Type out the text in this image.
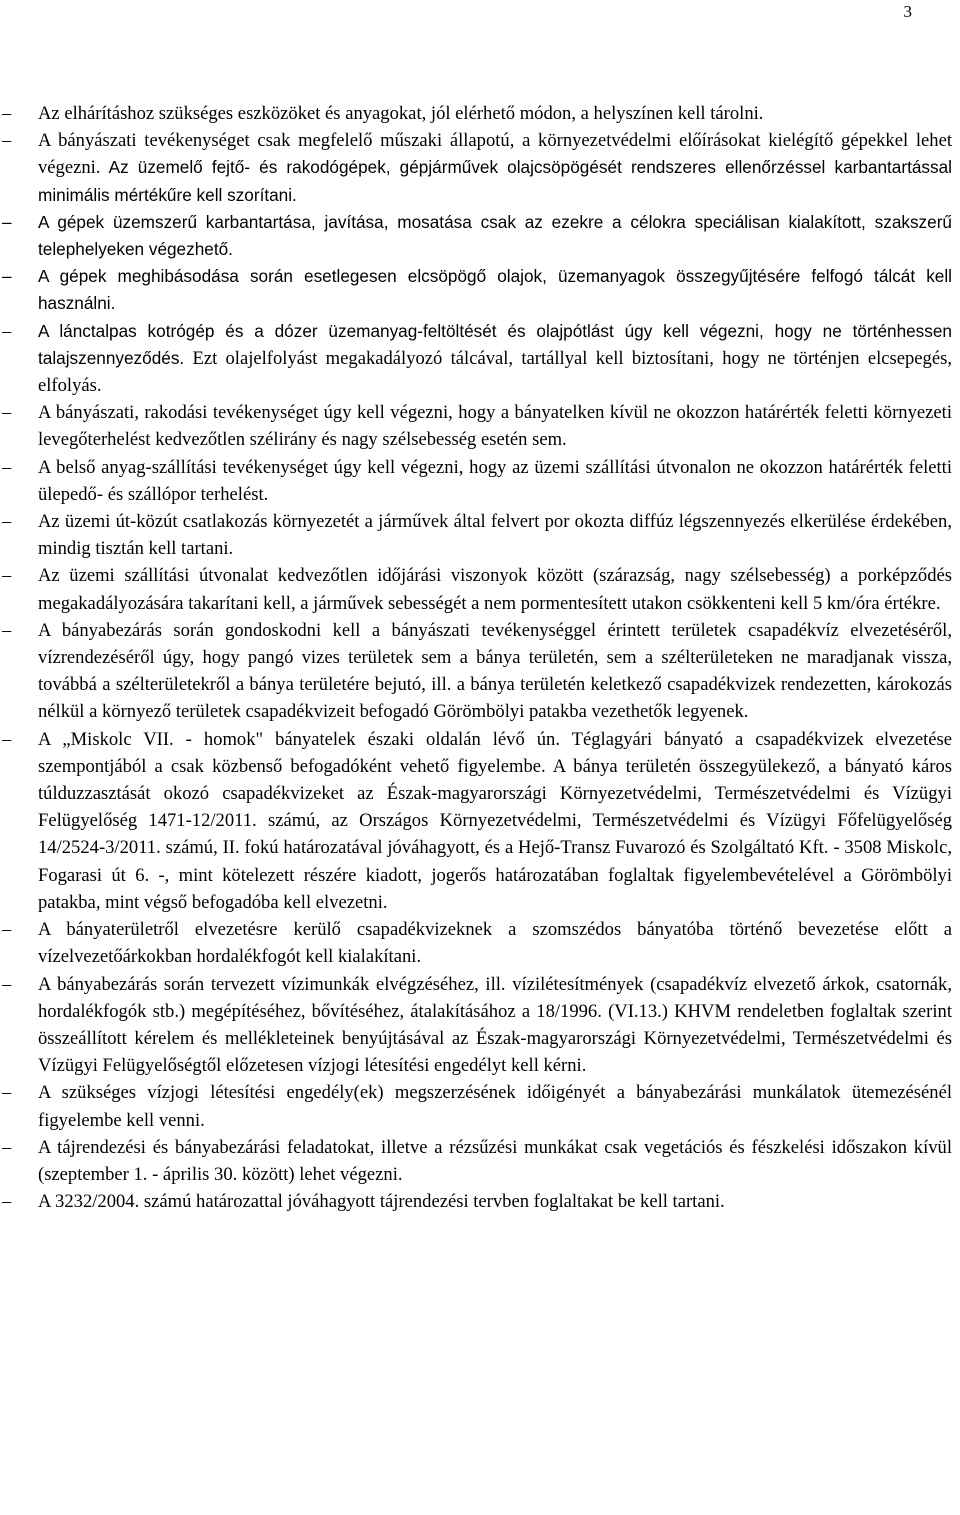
3

– Az elhárításhoz szükséges eszközöket és anyagokat, jól elérhető módon, a helyszínen kell tárolni.

– A bányászati tevékenységet csak megfelelő műszaki állapotú, a környezetvédelmi előírásokat kielégítő gépekkel lehet végezni. Az üzemelő fejtő- és rakodógépek, gépjárművek olajcsöpögését rendszeres ellenőrzéssel karbantartással minimális mértékűre kell szorítani.

– A gépek üzemszerű karbantartása, javítása, mosatása csak az ezekre a célokra speciálisan kialakított, szakszerű telephelyeken végezhető.

– A gépek meghibásodása során esetlegesen elcsöpögő olajok, üzemanyagok összegyűjtésére felfogó tálcát kell használni.

– A lánctalpas kotrógép és a dózer üzemanyag-feltöltését és olajpótlást úgy kell végezni, hogy ne történhessen talajszennyeződés. Ezt olajelfolyást megakadályozó tálcával, tartállyal kell biztosítani, hogy ne történjen elcsepegés, elfolyás.

– A bányászati, rakodási tevékenységet úgy kell végezni, hogy a bányatelken kívül ne okozzon határérték feletti környezeti levegőterhelést kedvezőtlen szélirány és nagy szélsebesség esetén sem.

– A belső anyag-szállítási tevékenységet úgy kell végezni, hogy az üzemi szállítási útvonalon ne okozzon határérték feletti ülepedő- és szállópor terhelést.

– Az üzemi út-közút csatlakozás környezetét a járművek által felvert por okozta diffúz légszennyezés elkerülése érdekében, mindig tisztán kell tartani.

– Az üzemi szállítási útvonalat kedvezőtlen időjárási viszonyok között (szárazság, nagy szélsebesség) a porképződés megakadályozására takarítani kell, a járművek sebességét a nem pormentesített utakon csökkenteni kell 5 km/óra értékre.

– A bányabezárás során gondoskodni kell a bányászati tevékenységgel érintett területek csapadékvíz elvezetéséről, vízrendezéséről úgy, hogy pangó vizes területek sem a bánya területén, sem a szélterületeken ne maradjanak vissza, továbbá a szélterületekről a bánya területére bejutó, ill. a bánya területén keletkező csapadékvizek rendezetten, károkozás nélkül a környező területek csapadékvizeit befogadó Görömbölyi patakba vezethetők legyenek.

– A „Miskolc VII. - homok" bányatelek északi oldalán lévő ún. Téglagyári bányató a csapadékvizek elvezetése szempontjából a csak közbenső befogadóként vehető figyelembe. A bánya területén összegyülekező, a bányató káros túlduzzasztását okozó csapadékvizeket az Észak-magyarországi Környezetvédelmi, Természetvédelmi és Vízügyi Felügyelőség 1471-12/2011. számú, az Országos Környezetvédelmi, Természetvédelmi és Vízügyi Főfelügyelőség 14/2524-3/2011. számú, II. fokú határozatával jóváhagyott, és a Hejő-Transz Fuvarozó és Szolgáltató Kft. - 3508 Miskolc, Fogarasi út 6. -, mint kötelezett részére kiadott, jogerős határozatában foglaltak figyelembevételével a Görömbölyi patakba, mint végső befogadóba kell elvezetni.

– A bányaterületről elvezetésre kerülő csapadékvizeknek a szomszédos bányatóba történő bevezetése előtt a vízelvezetőárkokban hordalékfogót kell kialakítani.

– A bányabezárás során tervezett vízimunkák elvégzéséhez, ill. vízilétesítmények (csapadékvíz elvezető árkok, csatornák, hordalékfogók stb.) megépítéséhez, bővítéséhez, átalakításához a 18/1996. (VI.13.) KHVM rendeletben foglaltak szerint összeállított kérelem és mellékleteinek benyújtásával az Észak-magyarországi Környezetvédelmi, Természetvédelmi és Vízügyi Felügyelőségtől előzetesen vízjogi létesítési engedélyt kell kérni.

– A szükséges vízjogi létesítési engedély(ek) megszerzésének időigényét a bányabezárási munkálatok ütemezésénél figyelembe kell venni.

– A tájrendezési és bányabezárási feladatokat, illetve a rézsűzési munkákat csak vegetációs és fészkelési időszakon kívül (szeptember 1. - április 30. között) lehet végezni.

– A 3232/2004. számú határozattal jóváhagyott tájrendezési tervben foglaltakat be kell tartani.
